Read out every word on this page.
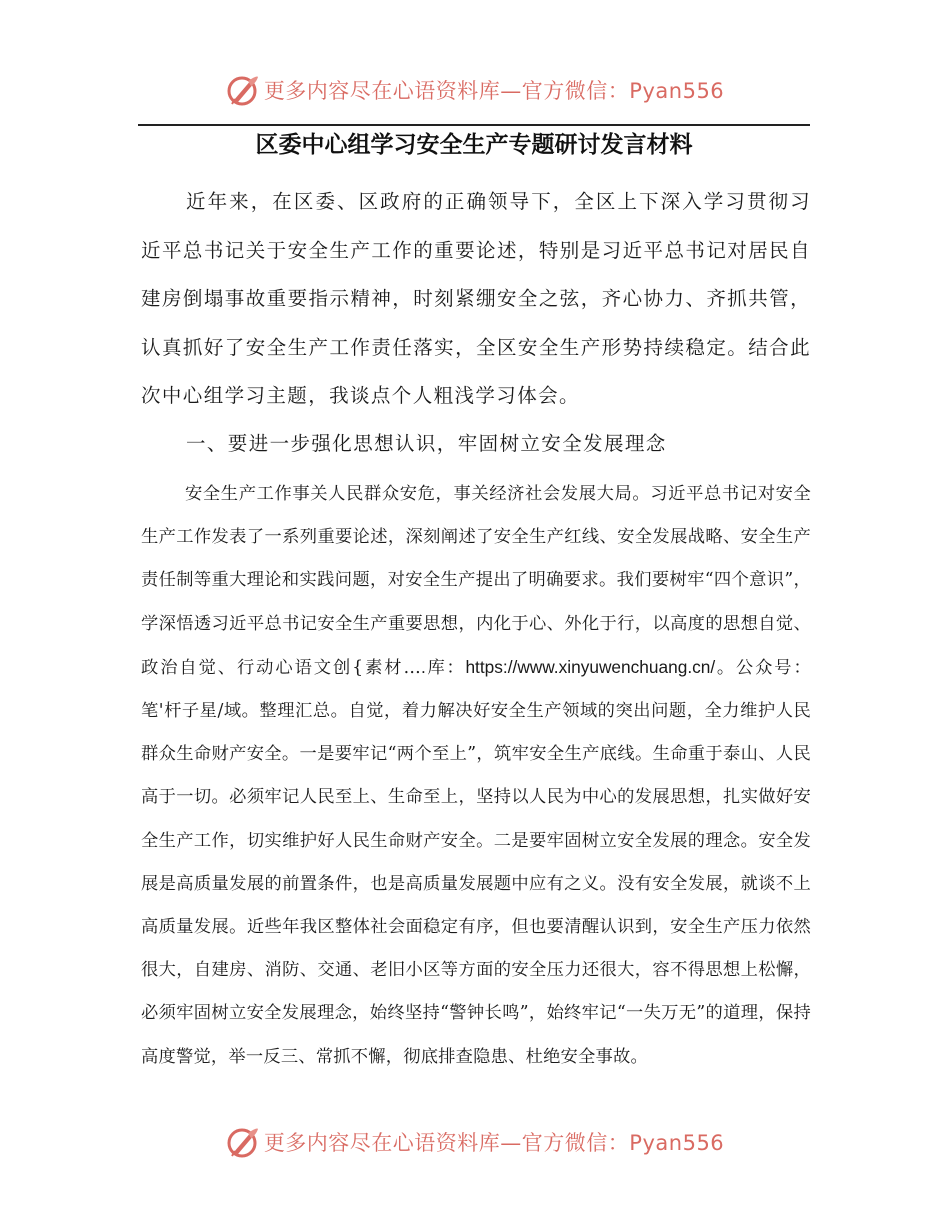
更多内容尽在心语资料库—官方微信：Pyan556
区委中心组学习安全生产专题研讨发言材料

近年来，在区委、区政府的正确领导下，全区上下深入学习贯彻习近平总书记关于安全生产工作的重要论述，特别是习近平总书记对居民自建房倒塌事故重要指示精神，时刻紧绷安全之弦，齐心协力、齐抓共管，认真抓好了安全生产工作责任落实，全区安全生产形势持续稳定。结合此次中心组学习主题，我谈点个人粗浅学习体会。

一、要进一步强化思想认识，牢固树立安全发展理念

安全生产工作事关人民群众安危，事关经济社会发展大局。习近平总书记对安全生产工作发表了一系列重要论述，深刻阐述了安全生产红线、安全发展战略、安全生产责任制等重大理论和实践问题，对安全生产提出了明确要求。我们要树牢“四个意识”，学深悟透习近平总书记安全生产重要思想，内化于心、外化于行，以高度的思想自觉、政治自觉、行动心语文创{素材….库：https://www.xinyuwenchuang.cn/。公众号：笔'杆子星/域。整理汇总。自觉，着力解决好安全生产领域的突出问题，全力维护人民群众生命财产安全。一是要牢记“两个至上”，筑牢安全生产底线。生命重于泰山、人民高于一切。必须牢记人民至上、生命至上，坚持以人民为中心的发展思想，扎实做好安全生产工作，切实维护好人民生命财产安全。二是要牢固树立安全发展的理念。安全发展是高质量发展的前置条件，也是高质量发展题中应有之义。没有安全发展，就谈不上高质量发展。近些年我区整体社会面稳定有序，但也要清醒认识到，安全生产压力依然很大，自建房、消防、交通、老旧小区等方面的安全压力还很大，容不得思想上松懈，必须牢固树立安全发展理念，始终坚持“警钟长鸣”，始终牢记“一失万无”的道理，保持高度警觉，举一反三、常抓不懈，彻底排查隐患、杜绝安全事故。

更多内容尽在心语资料库—官方微信：Pyan556
